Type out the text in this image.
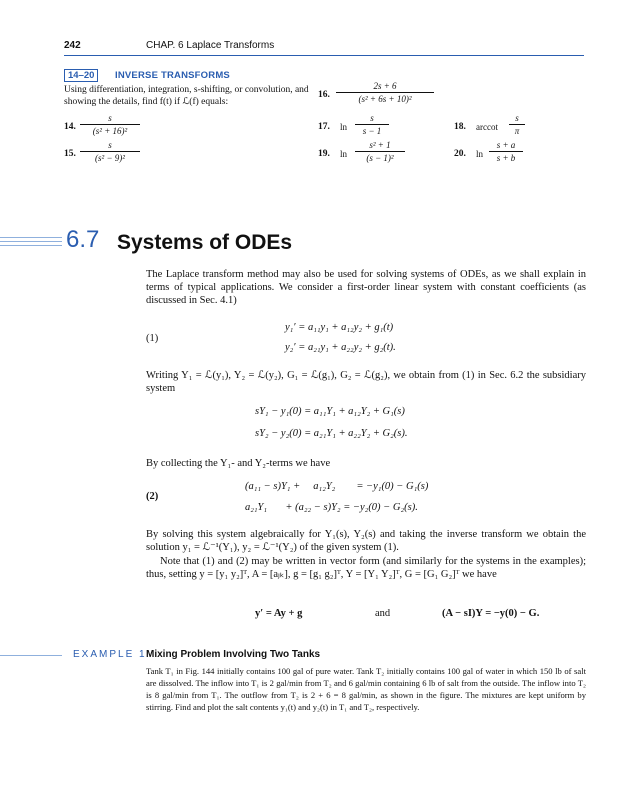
242	CHAP. 6 Laplace Transforms
14–20	INVERSE TRANSFORMS
Using differentiation, integration, s-shifting, or convolution, and showing the details, find f(t) if ℒ(f) equals:
14. $\frac{s}{\text{(s² + 16)²}}$
15. $\frac{s}{\text{(s² − 9)²}}$
16. $\frac{2s + 6}{\text{(s² + 6s + 10)²}}$
17. $\ln \frac{s}{s - 1}$	18. arccot $\frac{s}{\pi}$
19. $\ln \frac{\text{s² + 1}}{\text{(s − 1)²}}$	20. $\ln \frac{s + a}{s + b}$
6.7 Systems of ODEs
The Laplace transform method may also be used for solving systems of ODEs, as we shall explain in terms of typical applications. We consider a first-order linear system with constant coefficients (as discussed in Sec. 4.1)
(1)
y₁′ = a₁₁y₁ + a₁₂y₂ + g₁(t)
y₂′ = a₂₁y₁ + a₂₂y₂ + g₂(t).
Writing Y₁ = ℒ(y₁), Y₂ = ℒ(y₂), G₁ = ℒ(g₁), G₂ = ℒ(g₂), we obtain from (1) in Sec. 6.2 the subsidiary system
sY₁ − y₁(0) = a₁₁Y₁ + a₁₂Y₂ + G₁(s)
sY₂ − y₂(0) = a₂₁Y₁ + a₂₂Y₂ + G₂(s).
By collecting the Y₁- and Y₂-terms we have
(2)
(a₁₁ − s)Y₁ +     a₁₂Y₂        = −y₁(0) − G₁(s)
a₂₁Y₁       + (a₂₂ − s)Y₂ = −y₂(0) − G₂(s).
By solving this system algebraically for Y₁(s), Y₂(s) and taking the inverse transform we obtain the solution y₁ = ℒ⁻¹(Y₁), y₂ = ℒ⁻¹(Y₂) of the given system (1).
Note that (1) and (2) may be written in vector form (and similarly for the systems in the examples); thus, setting y = [y₁ y₂]ᵀ, A = [aⱼₖ], g = [g₁ g₂]ᵀ, Y = [Y₁ Y₂]ᵀ, G = [G₁ G₂]ᵀ we have
y′ = Ay + g	and	(A − sI)Y = −y(0) − G.
EXAMPLE 1 Mixing Problem Involving Two Tanks
Tank T₁ in Fig. 144 initially contains 100 gal of pure water. Tank T₂ initially contains 100 gal of water in which 150 lb of salt are dissolved. The inflow into T₁ is 2 gal/min from T₂ and 6 gal/min containing 6 lb of salt from the outside. The inflow into T₂ is 8 gal/min from T₁. The outflow from T₂ is 2 + 6 = 8 gal/min, as shown in the figure. The mixtures are kept uniform by stirring. Find and plot the salt contents y₁(t) and y₂(t) in T₁ and T₂, respectively.
